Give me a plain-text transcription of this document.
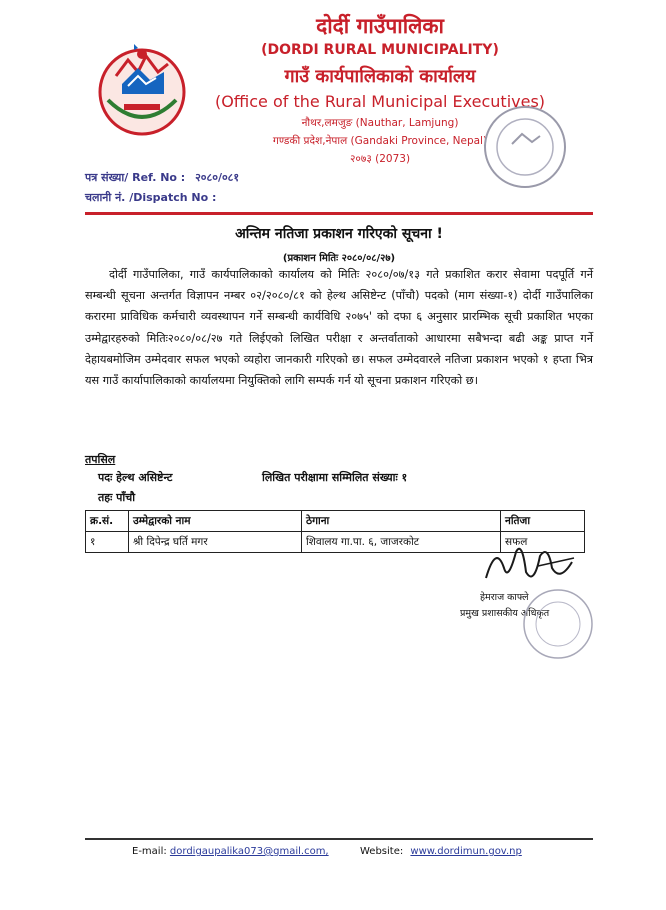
दोर्दी गाउँपालिका
(DORDI RURAL MUNICIPALITY)
गाउँ कार्यपालिकाको कार्यालय
(Office of the Rural Municipal Executives)
नौथर,लमजुङ (Nauthar, Lamjung)
गण्डकी प्रदेश,नेपाल (Gandaki Province, Nepal)
२०७३ (2073)
पत्र संख्या/ Ref. No : २०८०/०८१
चलानी नं. /Dispatch No :
अन्तिम नतिजा प्रकाशन गरिएको सूचना !
(प्रकाशन मितिः २०८०/०८/२७)
दोर्दी गाउँपालिका, गाउँ कार्यपालिकाको कार्यालय को मितिः २०८०/०७/१३ गते प्रकाशित करार सेवामा पदपूर्ति गर्ने सम्बन्धी सूचना अन्तर्गत विज्ञापन नम्बर ०२/२०८०/८१ को हेल्थ असिष्टेन्ट (पाँचौ) पदको (माग संख्या-१) दोर्दी गाउँपालिका करारमा प्राविधिक कर्मचारी व्यवस्थापन गर्ने सम्बन्धी कार्यविधि २०७५' को दफा ६ अनुसार प्रारम्भिक सूची प्रकाशित भएका उम्मेद्वारहरुको मितिः२०८०/०८/२७ गते लिईएको लिखित परीक्षा र अन्तर्वाताको आधारमा सबैभन्दा बढी अङ्क प्राप्त गर्ने देहायबमोजिम उम्मेदवार सफल भएको व्यहोरा जानकारी गरिएको छ। सफल उम्मेदवारले नतिजा प्रकाशन भएको १ हप्ता भित्र यस गाउँ कार्यापालिकाको कार्यालयमा नियुक्तिको लागि सम्पर्क गर्न यो सूचना प्रकाशन गरिएको छ।
तपसिल
पदः हेल्थ असिष्टेन्ट	लिखित परीक्षामा सम्मिलित संख्याः १
तहः पाँचौ
क्र.सं.	उम्मेद्वारको नाम	ठेगाना	नतिजा
१	श्री दिपेन्द्र घर्ति मगर	शिवालय गा.पा. ६, जाजरकोट	सफल
हेमराज काफ्ले
प्रमुख प्रशासकीय अधिकृत
E-mail: dordigaupalika073@gmail.com,	Website: www.dordimun.gov.np
